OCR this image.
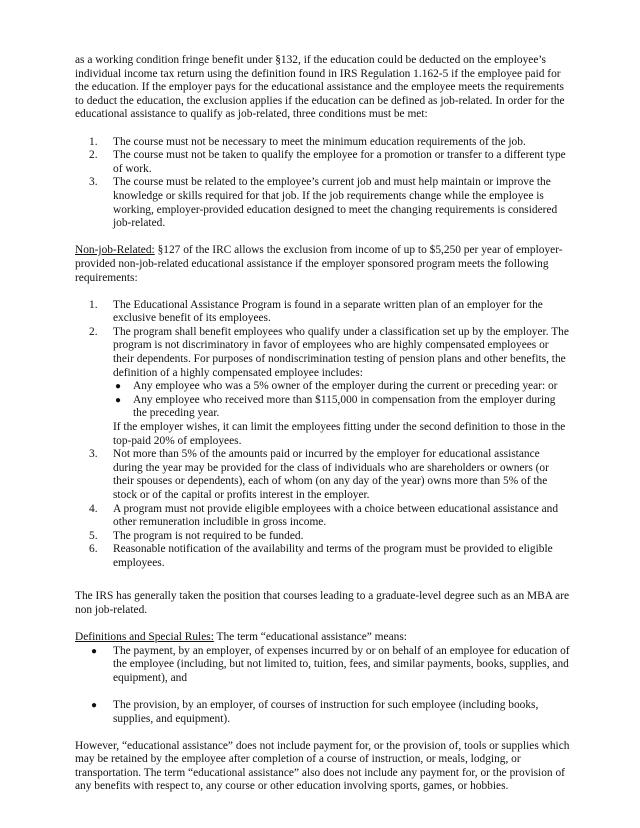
as a working condition fringe benefit under §132, if the education could be deducted on the employee’s individual income tax return using the definition found in IRS Regulation 1.162-5 if the employee paid for the education. If the employer pays for the educational assistance and the employee meets the requirements to deduct the education, the exclusion applies if the education can be defined as job-related. In order for the educational assistance to qualify as job-related, three conditions must be met:

1.	The course must not be necessary to meet the minimum education requirements of the job.
2.	The course must not be taken to qualify the employee for a promotion or transfer to a different type of work.
3.	The course must be related to the employee’s current job and must help maintain or improve the knowledge or skills required for that job. If the job requirements change while the employee is working, employer-provided education designed to meet the changing requirements is considered job-related.

Non-job-Related: §127 of the IRC allows the exclusion from income of up to $5,250 per year of employer-provided non-job-related educational assistance if the employer sponsored program meets the following requirements:

1.	The Educational Assistance Program is found in a separate written plan of an employer for the exclusive benefit of its employees.
2.	The program shall benefit employees who qualify under a classification set up by the employer. The program is not discriminatory in favor of employees who are highly compensated employees or their dependents. For purposes of nondiscrimination testing of pension plans and other benefits, the definition of a highly compensated employee includes:
● Any employee who was a 5% owner of the employer during the current or preceding year: or
● Any employee who received more than $115,000 in compensation from the employer during the preceding year.

If the employer wishes, it can limit the employees fitting under the second definition to those in the top-paid 20% of employees.

3.	Not more than 5% of the amounts paid or incurred by the employer for educational assistance during the year may be provided for the class of individuals who are shareholders or owners (or their spouses or dependents), each of whom (on any day of the year) owns more than 5% of the stock or of the capital or profits interest in the employer.
4.	A program must not provide eligible employees with a choice between educational assistance and other remuneration includible in gross income.
5.	The program is not required to be funded.
6.	Reasonable notification of the availability and terms of the program must be provided to eligible employees.

The IRS has generally taken the position that courses leading to a graduate-level degree such as an MBA are non job-related.

Definitions and Special Rules: The term “educational assistance” means:

● The payment, by an employer, of expenses incurred by or on behalf of an employee for education of the employee (including, but not limited to, tuition, fees, and similar payments, books, supplies, and equipment), and
● The provision, by an employer, of courses of instruction for such employee (including books, supplies, and equipment).

However, “educational assistance” does not include payment for, or the provision of, tools or supplies which may be retained by the employee after completion of a course of instruction, or meals, lodging, or transportation. The term “educational assistance” also does not include any payment for, or the provision of any benefits with respect to, any course or other education involving sports, games, or hobbies.
